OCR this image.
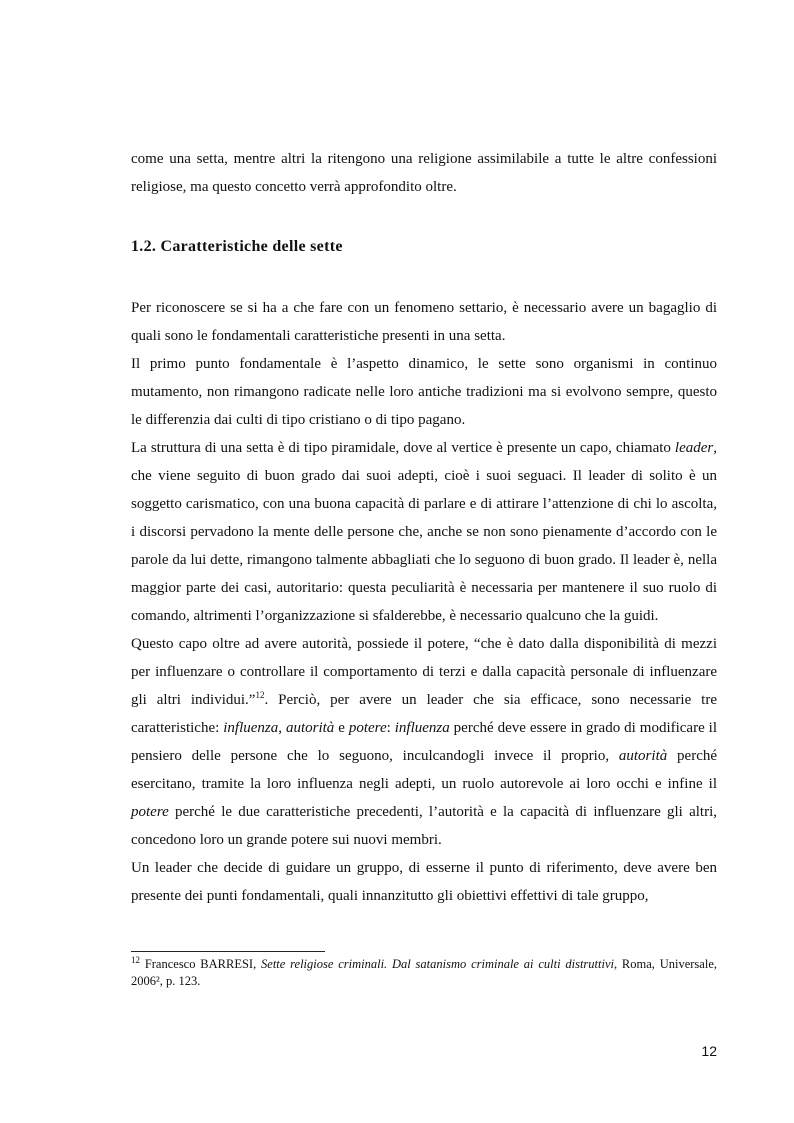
come una setta, mentre altri la ritengono una religione assimilabile a tutte le altre confessioni religiose, ma questo concetto verrà approfondito oltre.

1.2. Caratteristiche delle sette

Per riconoscere se si ha a che fare con un fenomeno settario, è necessario avere un bagaglio di quali sono le fondamentali caratteristiche presenti in una setta.

Il primo punto fondamentale è l’aspetto dinamico, le sette sono organismi in continuo mutamento, non rimangono radicate nelle loro antiche tradizioni ma si evolvono sempre, questo le differenzia dai culti di tipo cristiano o di tipo pagano.

La struttura di una setta è di tipo piramidale, dove al vertice è presente un capo, chiamato leader, che viene seguito di buon grado dai suoi adepti, cioè i suoi seguaci. Il leader di solito è un soggetto carismatico, con una buona capacità di parlare e di attirare l’attenzione di chi lo ascolta, i discorsi pervadono la mente delle persone che, anche se non sono pienamente d’accordo con le parole da lui dette, rimangono talmente abbagliati che lo seguono di buon grado. Il leader è, nella maggior parte dei casi, autoritario: questa peculiarità è necessaria per mantenere il suo ruolo di comando, altrimenti l’organizzazione si sfalderebbe, è necessario qualcuno che la guidi.

Questo capo oltre ad avere autorità, possiede il potere, “che è dato dalla disponibilità di mezzi per influenzare o controllare il comportamento di terzi e dalla capacità personale di influenzare gli altri individui.”$^{12}$. Perciò, per avere un leader che sia efficace, sono necessarie tre caratteristiche: influenza, autorità e potere: influenza perché deve essere in grado di modificare il pensiero delle persone che lo seguono, inculcandogli invece il proprio, autorità perché esercitano, tramite la loro influenza negli adepti, un ruolo autorevole ai loro occhi e infine il potere perché le due caratteristiche precedenti, l’autorità e la capacità di influenzare gli altri, concedono loro un grande potere sui nuovi membri.

Un leader che decide di guidare un gruppo, di esserne il punto di riferimento, deve avere ben presente dei punti fondamentali, quali innanzitutto gli obiettivi effettivi di tale gruppo,

$^{12}$ Francesco BARRESI, Sette religiose criminali. Dal satanismo criminale ai culti distruttivi, Roma, Universale, 2006², p. 123.
12
